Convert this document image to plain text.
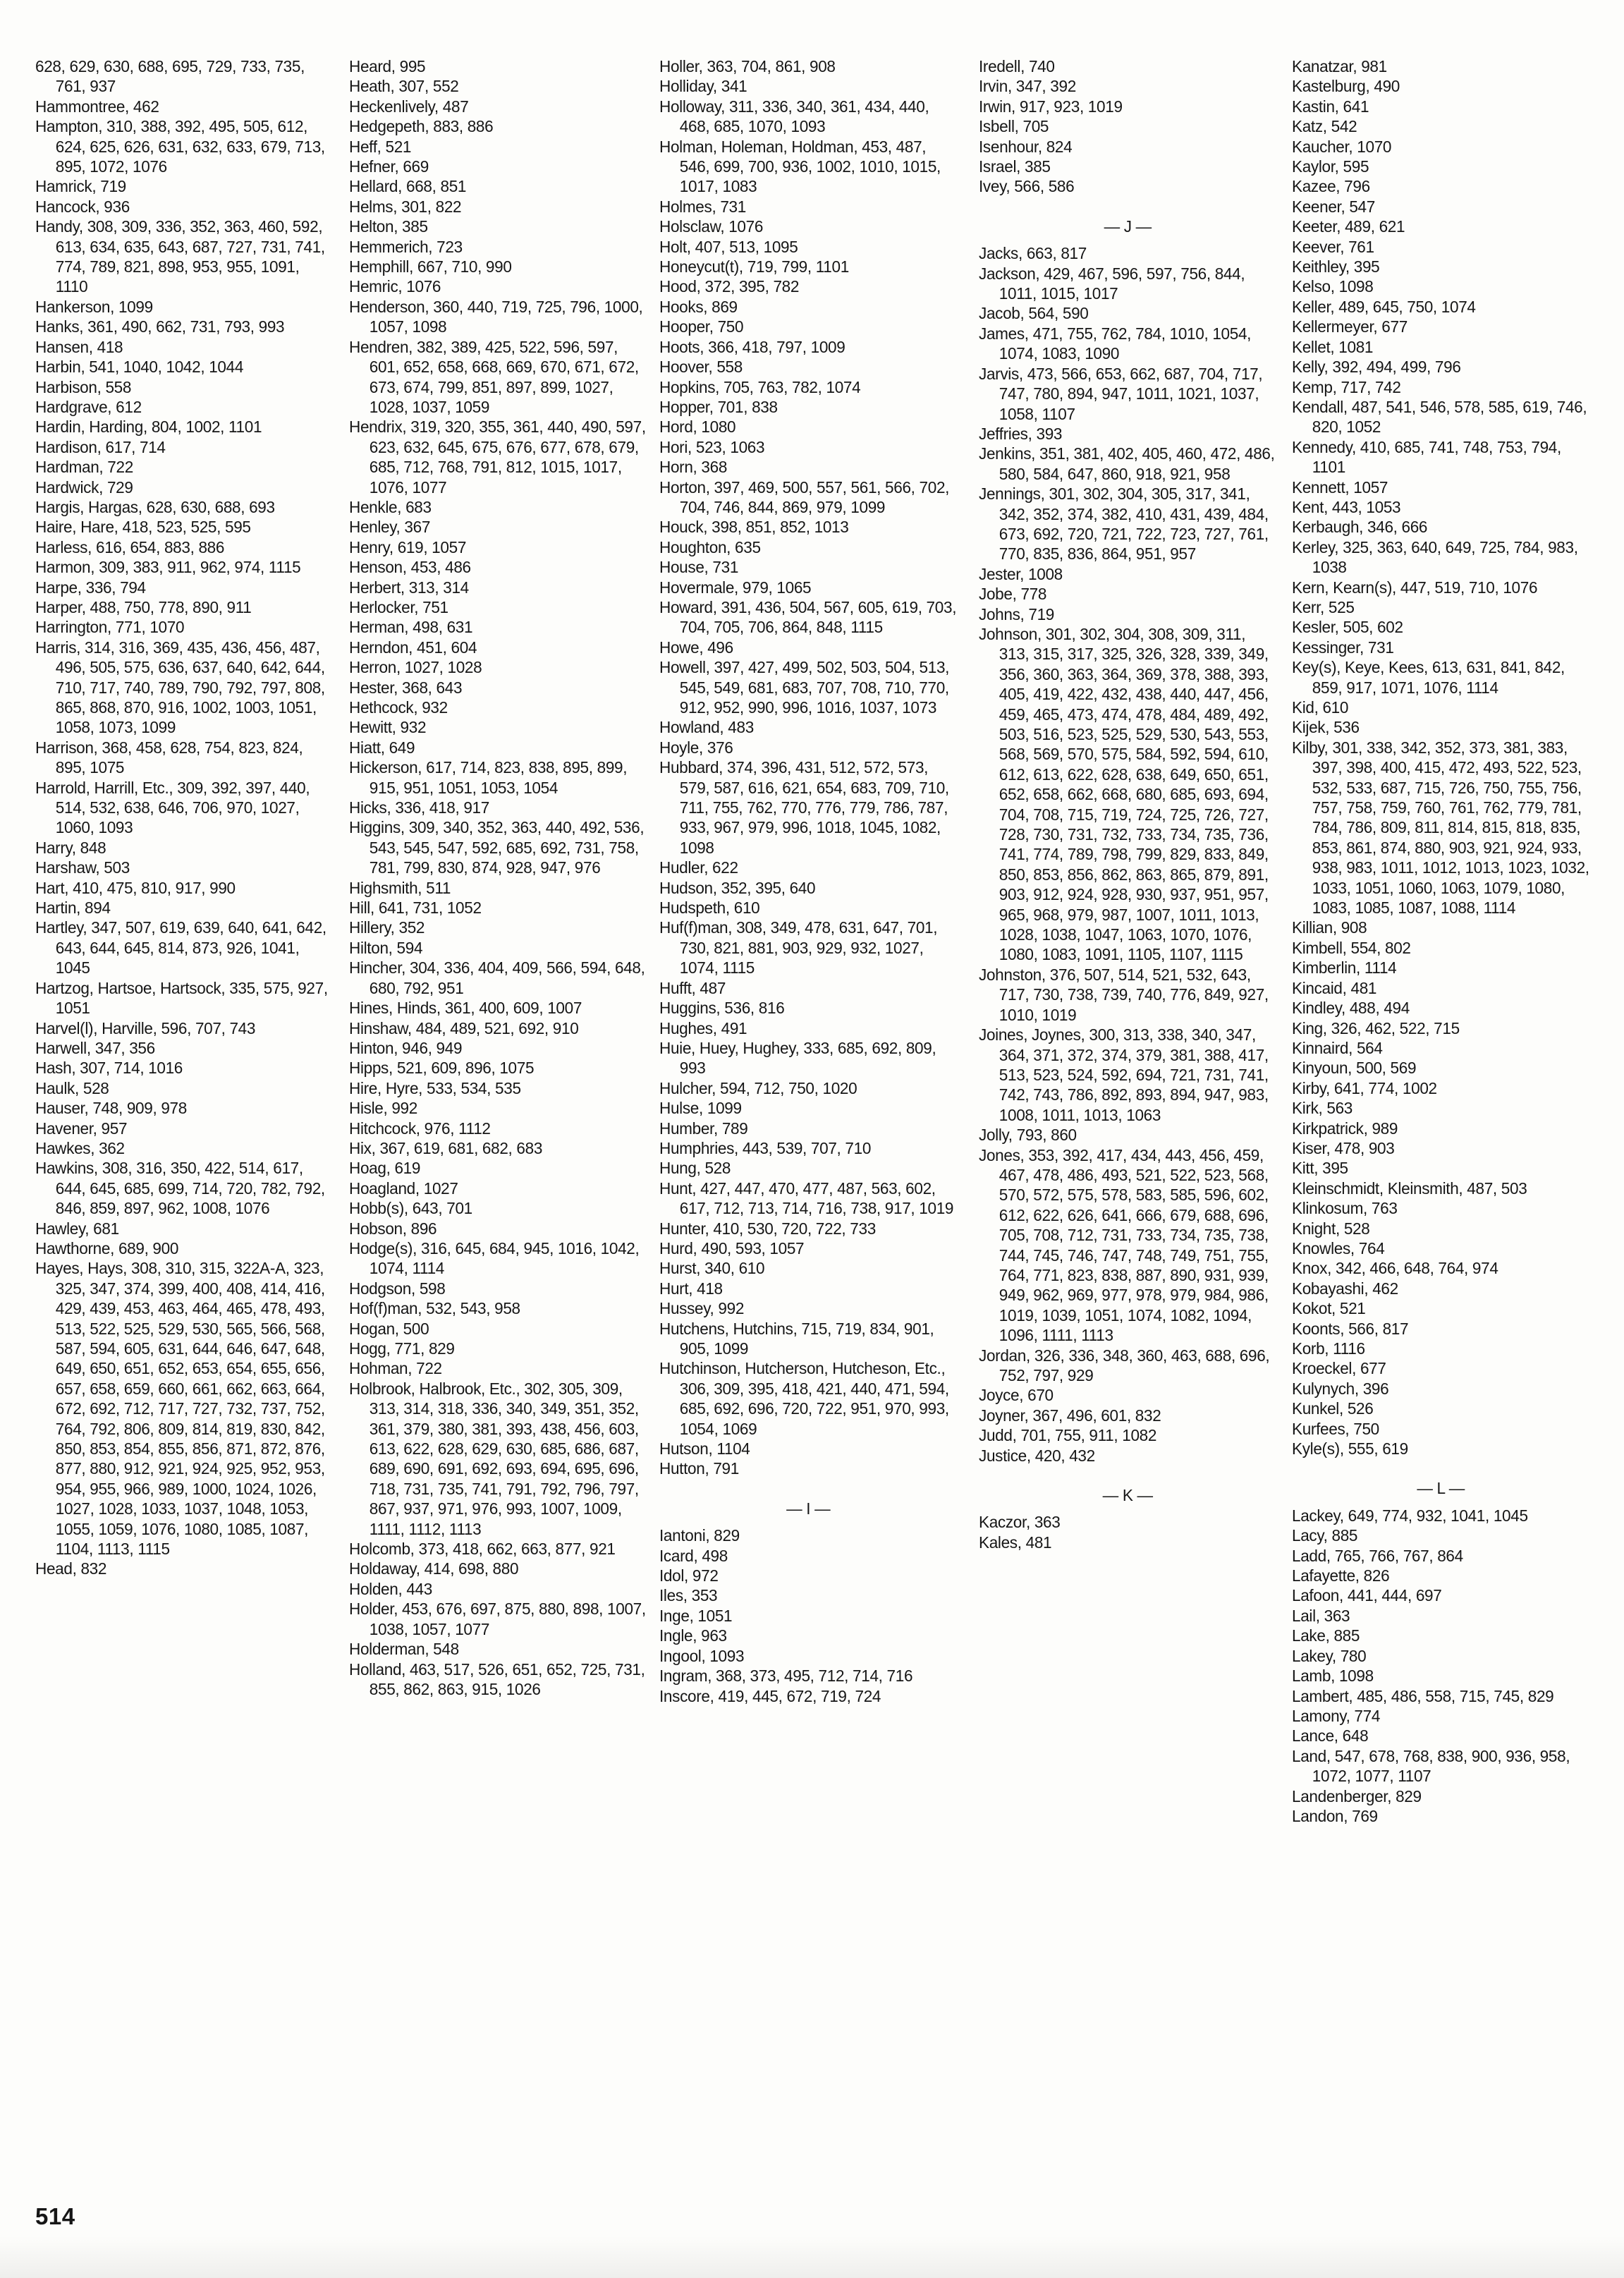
628, 629, 630, 688, 695, 729, 733, 735, 761, 937
Hammontree, 462
Hampton, 310, 388, 392, 495, 505, 612, 624, 625, 626, 631, 632, 633, 679, 713, 895, 1072, 1076
Hamrick, 719
Hancock, 936
Handy, 308, 309, 336, 352, 363, 460, 592, 613, 634, 635, 643, 687, 727, 731, 741, 774, 789, 821, 898, 953, 955, 1091, 1110
Hankerson, 1099
Hanks, 361, 490, 662, 731, 793, 993
Hansen, 418
Harbin, 541, 1040, 1042, 1044
Harbison, 558
Hardgrave, 612
Hardin, Harding, 804, 1002, 1101
Hardison, 617, 714
Hardman, 722
Hardwick, 729
Hargis, Hargas, 628, 630, 688, 693
Haire, Hare, 418, 523, 525, 595
Harless, 616, 654, 883, 886
Harmon, 309, 383, 911, 962, 974, 1115
Harpe, 336, 794
Harper, 488, 750, 778, 890, 911
Harrington, 771, 1070
Harris, 314, 316, 369, 435, 436, 456, 487, 496, 505, 575, 636, 637, 640, 642, 644, 710, 717, 740, 789, 790, 792, 797, 808, 865, 868, 870, 916, 1002, 1003, 1051, 1058, 1073, 1099
Harrison, 368, 458, 628, 754, 823, 824, 895, 1075
Harrold, Harrill, Etc., 309, 392, 397, 440, 514, 532, 638, 646, 706, 970, 1027, 1060, 1093
Harry, 848
Harshaw, 503
Hart, 410, 475, 810, 917, 990
Hartin, 894
Hartley, 347, 507, 619, 639, 640, 641, 642, 643, 644, 645, 814, 873, 926, 1041, 1045
Hartzog, Hartsoe, Hartsock, 335, 575, 927, 1051
Harvel(l), Harville, 596, 707, 743
Harwell, 347, 356
Hash, 307, 714, 1016
Haulk, 528
Hauser, 748, 909, 978
Havener, 957
Hawkes, 362
Hawkins, 308, 316, 350, 422, 514, 617, 644, 645, 685, 699, 714, 720, 782, 792, 846, 859, 897, 962, 1008, 1076
Hawley, 681
Hawthorne, 689, 900
Hayes, Hays, 308, 310, 315, 322A-A, 323, 325, 347, 374, 399, 400, 408, 414, 416, 429, 439, 453, 463, 464, 465, 478, 493, 513, 522, 525, 529, 530, 565, 566, 568, 587, 594, 605, 631, 644, 646, 647, 648, 649, 650, 651, 652, 653, 654, 655, 656, 657, 658, 659, 660, 661, 662, 663, 664, 672, 692, 712, 717, 727, 732, 737, 752, 764, 792, 806, 809, 814, 819, 830, 842, 850, 853, 854, 855, 856, 871, 872, 876, 877, 880, 912, 921, 924, 925, 952, 953, 954, 955, 966, 989, 1000, 1024, 1026, 1027, 1028, 1033, 1037, 1048, 1053, 1055, 1059, 1076, 1080, 1085, 1087, 1104, 1113, 1115
Head, 832
Heard, 995
Heath, 307, 552
Heckenlively, 487
Hedgepeth, 883, 886
Heff, 521
Hefner, 669
Hellard, 668, 851
Helms, 301, 822
Helton, 385
Hemmerich, 723
Hemphill, 667, 710, 990
Hemric, 1076
Henderson, 360, 440, 719, 725, 796, 1000, 1057, 1098
Hendren, 382, 389, 425, 522, 596, 597, 601, 652, 658, 668, 669, 670, 671, 672, 673, 674, 799, 851, 897, 899, 1027, 1028, 1037, 1059
Hendrix, 319, 320, 355, 361, 440, 490, 597, 623, 632, 645, 675, 676, 677, 678, 679, 685, 712, 768, 791, 812, 1015, 1017, 1076, 1077
Henkle, 683
Henley, 367
Henry, 619, 1057
Henson, 453, 486
Herbert, 313, 314
Herlocker, 751
Herman, 498, 631
Herndon, 451, 604
Herron, 1027, 1028
Hester, 368, 643
Hethcock, 932
Hewitt, 932
Hiatt, 649
Hickerson, 617, 714, 823, 838, 895, 899, 915, 951, 1051, 1053, 1054
Hicks, 336, 418, 917
Higgins, 309, 340, 352, 363, 440, 492, 536, 543, 545, 547, 592, 685, 692, 731, 758, 781, 799, 830, 874, 928, 947, 976
Highsmith, 511
Hill, 641, 731, 1052
Hillery, 352
Hilton, 594
Hincher, 304, 336, 404, 409, 566, 594, 648, 680, 792, 951
Hines, Hinds, 361, 400, 609, 1007
Hinshaw, 484, 489, 521, 692, 910
Hinton, 946, 949
Hipps, 521, 609, 896, 1075
Hire, Hyre, 533, 534, 535
Hisle, 992
Hitchcock, 976, 1112
Hix, 367, 619, 681, 682, 683
Hoag, 619
Hoagland, 1027
Hobb(s), 643, 701
Hobson, 896
Hodge(s), 316, 645, 684, 945, 1016, 1042, 1074, 1114
Hodgson, 598
Hof(f)man, 532, 543, 958
Hogan, 500
Hogg, 771, 829
Hohman, 722
Holbrook, Halbrook, Etc., 302, 305, 309, 313, 314, 318, 336, 340, 349, 351, 352, 361, 379, 380, 381, 393, 438, 456, 603, 613, 622, 628, 629, 630, 685, 686, 687, 689, 690, 691, 692, 693, 694, 695, 696, 718, 731, 735, 741, 791, 792, 796, 797, 867, 937, 971, 976, 993, 1007, 1009, 1111, 1112, 1113
Holcomb, 373, 418, 662, 663, 877, 921
Holdaway, 414, 698, 880
Holden, 443
Holder, 453, 676, 697, 875, 880, 898, 1007, 1038, 1057, 1077
Holderman, 548
Holland, 463, 517, 526, 651, 652, 725, 731, 855, 862, 863, 915, 1026
Holler, 363, 704, 861, 908
Holliday, 341
Holloway, 311, 336, 340, 361, 434, 440, 468, 685, 1070, 1093
Holman, Holeman, Holdman, 453, 487, 546, 699, 700, 936, 1002, 1010, 1015, 1017, 1083
Holmes, 731
Holsclaw, 1076
Holt, 407, 513, 1095
Honeycut(t), 719, 799, 1101
Hood, 372, 395, 782
Hooks, 869
Hooper, 750
Hoots, 366, 418, 797, 1009
Hoover, 558
Hopkins, 705, 763, 782, 1074
Hopper, 701, 838
Hord, 1080
Hori, 523, 1063
Horn, 368
Horton, 397, 469, 500, 557, 561, 566, 702, 704, 746, 844, 869, 979, 1099
Houck, 398, 851, 852, 1013
Houghton, 635
House, 731
Hovermale, 979, 1065
Howard, 391, 436, 504, 567, 605, 619, 703, 704, 705, 706, 864, 848, 1115
Howe, 496
Howell, 397, 427, 499, 502, 503, 504, 513, 545, 549, 681, 683, 707, 708, 710, 770, 912, 952, 990, 996, 1016, 1037, 1073
Howland, 483
Hoyle, 376
Hubbard, 374, 396, 431, 512, 572, 573, 579, 587, 616, 621, 654, 683, 709, 710, 711, 755, 762, 770, 776, 779, 786, 787, 933, 967, 979, 996, 1018, 1045, 1082, 1098
Hudler, 622
Hudson, 352, 395, 640
Hudspeth, 610
Huf(f)man, 308, 349, 478, 631, 647, 701, 730, 821, 881, 903, 929, 932, 1027, 1074, 1115
Hufft, 487
Huggins, 536, 816
Hughes, 491
Huie, Huey, Hughey, 333, 685, 692, 809, 993
Hulcher, 594, 712, 750, 1020
Hulse, 1099
Humber, 789
Humphries, 443, 539, 707, 710
Hung, 528
Hunt, 427, 447, 470, 477, 487, 563, 602, 617, 712, 713, 714, 716, 738, 917, 1019
Hunter, 410, 530, 720, 722, 733
Hurd, 490, 593, 1057
Hurst, 340, 610
Hurt, 418
Hussey, 992
Hutchens, Hutchins, 715, 719, 834, 901, 905, 1099
Hutchinson, Hutcherson, Hutcheson, Etc., 306, 309, 395, 418, 421, 440, 471, 594, 685, 692, 696, 720, 722, 951, 970, 993, 1054, 1069
Hutson, 1104
Hutton, 791
— I —
Iantoni, 829
Icard, 498
Idol, 972
Iles, 353
Inge, 1051
Ingle, 963
Ingool, 1093
Ingram, 368, 373, 495, 712, 714, 716
Inscore, 419, 445, 672, 719, 724
Iredell, 740
Irvin, 347, 392
Irwin, 917, 923, 1019
Isbell, 705
Isenhour, 824
Israel, 385
Ivey, 566, 586
— J —
Jacks, 663, 817
Jackson, 429, 467, 596, 597, 756, 844, 1011, 1015, 1017
Jacob, 564, 590
James, 471, 755, 762, 784, 1010, 1054, 1074, 1083, 1090
Jarvis, 473, 566, 653, 662, 687, 704, 717, 747, 780, 894, 947, 1011, 1021, 1037, 1058, 1107
Jeffries, 393
Jenkins, 351, 381, 402, 405, 460, 472, 486, 580, 584, 647, 860, 918, 921, 958
Jennings, 301, 302, 304, 305, 317, 341, 342, 352, 374, 382, 410, 431, 439, 484, 673, 692, 720, 721, 722, 723, 727, 761, 770, 835, 836, 864, 951, 957
Jester, 1008
Jobe, 778
Johns, 719
Johnson, 301, 302, 304, 308, 309, 311, 313, 315, 317, 325, 326, 328, 339, 349, 356, 360, 363, 364, 369, 378, 388, 393, 405, 419, 422, 432, 438, 440, 447, 456, 459, 465, 473, 474, 478, 484, 489, 492, 503, 516, 523, 525, 529, 530, 543, 553, 568, 569, 570, 575, 584, 592, 594, 610, 612, 613, 622, 628, 638, 649, 650, 651, 652, 658, 662, 668, 680, 685, 693, 694, 704, 708, 715, 719, 724, 725, 726, 727, 728, 730, 731, 732, 733, 734, 735, 736, 741, 774, 789, 798, 799, 829, 833, 849, 850, 853, 856, 862, 863, 865, 879, 891, 903, 912, 924, 928, 930, 937, 951, 957, 965, 968, 979, 987, 1007, 1011, 1013, 1028, 1038, 1047, 1063, 1070, 1076, 1080, 1083, 1091, 1105, 1107, 1115
Johnston, 376, 507, 514, 521, 532, 643, 717, 730, 738, 739, 740, 776, 849, 927, 1010, 1019
Joines, Joynes, 300, 313, 338, 340, 347, 364, 371, 372, 374, 379, 381, 388, 417, 513, 523, 524, 592, 694, 721, 731, 741, 742, 743, 786, 892, 893, 894, 947, 983, 1008, 1011, 1013, 1063
Jolly, 793, 860
Jones, 353, 392, 417, 434, 443, 456, 459, 467, 478, 486, 493, 521, 522, 523, 568, 570, 572, 575, 578, 583, 585, 596, 602, 612, 622, 626, 641, 666, 679, 688, 696, 705, 708, 712, 731, 733, 734, 735, 738, 744, 745, 746, 747, 748, 749, 751, 755, 764, 771, 823, 838, 887, 890, 931, 939, 949, 962, 969, 977, 978, 979, 984, 986, 1019, 1039, 1051, 1074, 1082, 1094, 1096, 1111, 1113
Jordan, 326, 336, 348, 360, 463, 688, 696, 752, 797, 929
Joyce, 670
Joyner, 367, 496, 601, 832
Judd, 701, 755, 911, 1082
Justice, 420, 432
— K —
Kaczor, 363
Kales, 481
Kanatzar, 981
Kastelburg, 490
Kastin, 641
Katz, 542
Kaucher, 1070
Kaylor, 595
Kazee, 796
Keener, 547
Keeter, 489, 621
Keever, 761
Keithley, 395
Kelso, 1098
Keller, 489, 645, 750, 1074
Kellermeyer, 677
Kellet, 1081
Kelly, 392, 494, 499, 796
Kemp, 717, 742
Kendall, 487, 541, 546, 578, 585, 619, 746, 820, 1052
Kennedy, 410, 685, 741, 748, 753, 794, 1101
Kennett, 1057
Kent, 443, 1053
Kerbaugh, 346, 666
Kerley, 325, 363, 640, 649, 725, 784, 983, 1038
Kern, Kearn(s), 447, 519, 710, 1076
Kerr, 525
Kesler, 505, 602
Kessinger, 731
Key(s), Keye, Kees, 613, 631, 841, 842, 859, 917, 1071, 1076, 1114
Kid, 610
Kijek, 536
Kilby, 301, 338, 342, 352, 373, 381, 383, 397, 398, 400, 415, 472, 493, 522, 523, 532, 533, 687, 715, 726, 750, 755, 756, 757, 758, 759, 760, 761, 762, 779, 781, 784, 786, 809, 811, 814, 815, 818, 835, 853, 861, 874, 880, 903, 921, 924, 933, 938, 983, 1011, 1012, 1013, 1023, 1032, 1033, 1051, 1060, 1063, 1079, 1080, 1083, 1085, 1087, 1088, 1114
Killian, 908
Kimbell, 554, 802
Kimberlin, 1114
Kincaid, 481
Kindley, 488, 494
King, 326, 462, 522, 715
Kinnaird, 564
Kinyoun, 500, 569
Kirby, 641, 774, 1002
Kirk, 563
Kirkpatrick, 989
Kiser, 478, 903
Kitt, 395
Kleinschmidt, Kleinsmith, 487, 503
Klinkosum, 763
Knight, 528
Knowles, 764
Knox, 342, 466, 648, 764, 974
Kobayashi, 462
Kokot, 521
Koonts, 566, 817
Korb, 1116
Kroeckel, 677
Kulynych, 396
Kunkel, 526
Kurfees, 750
Kyle(s), 555, 619
— L —
Lackey, 649, 774, 932, 1041, 1045
Lacy, 885
Ladd, 765, 766, 767, 864
Lafayette, 826
Lafoon, 441, 444, 697
Lail, 363
Lake, 885
Lakey, 780
Lamb, 1098
Lambert, 485, 486, 558, 715, 745, 829
Lamony, 774
Lance, 648
Land, 547, 678, 768, 838, 900, 936, 958, 1072, 1077, 1107
Landenberger, 829
Landon, 769
514
